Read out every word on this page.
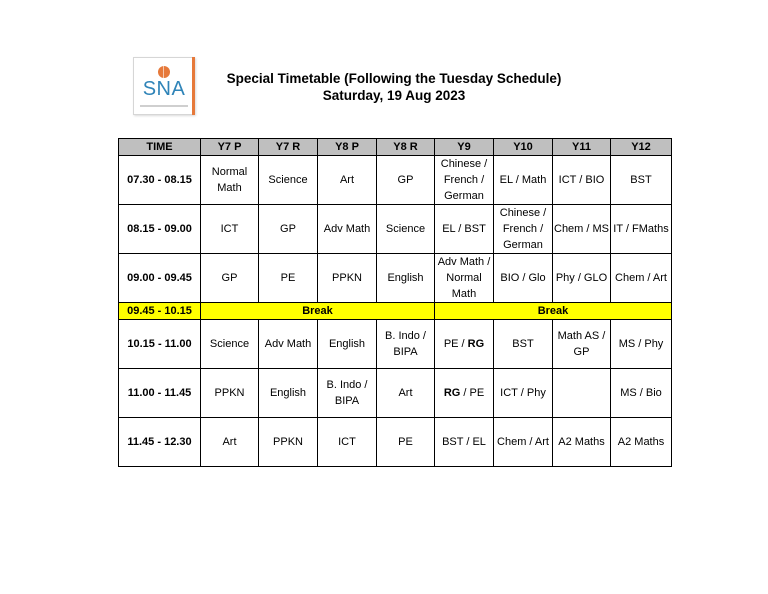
SNA	Special Timetable (Following the Tuesday Schedule)
Saturday, 19 Aug 2023
TIME	Y7 P	Y7 R	Y8 P	Y8 R	Y9	Y10	Y11	Y12
07.30 - 08.15	Normal Math	Science	Art	GP	Chinese / French / German	EL / Math	ICT / BIO	BST
08.15 - 09.00	ICT	GP	Adv Math	Science	EL / BST	Chinese / French / German	Chem / MS	IT / FMaths
09.00 - 09.45	GP	PE	PPKN	English	Adv Math / Normal Math	BIO / Glo	Phy / GLO	Chem / Art
09.45 - 10.15	Break				Break			
10.15 - 11.00	Science	Adv Math	English	B. Indo / BIPA	PE / RG	BST	Math AS / GP	MS / Phy
11.00 - 11.45	PPKN	English	B. Indo / BIPA	Art	RG / PE	ICT / Phy		MS / Bio
11.45 - 12.30	Art	PPKN	ICT	PE	BST / EL	Chem / Art	A2 Maths	A2 Maths
